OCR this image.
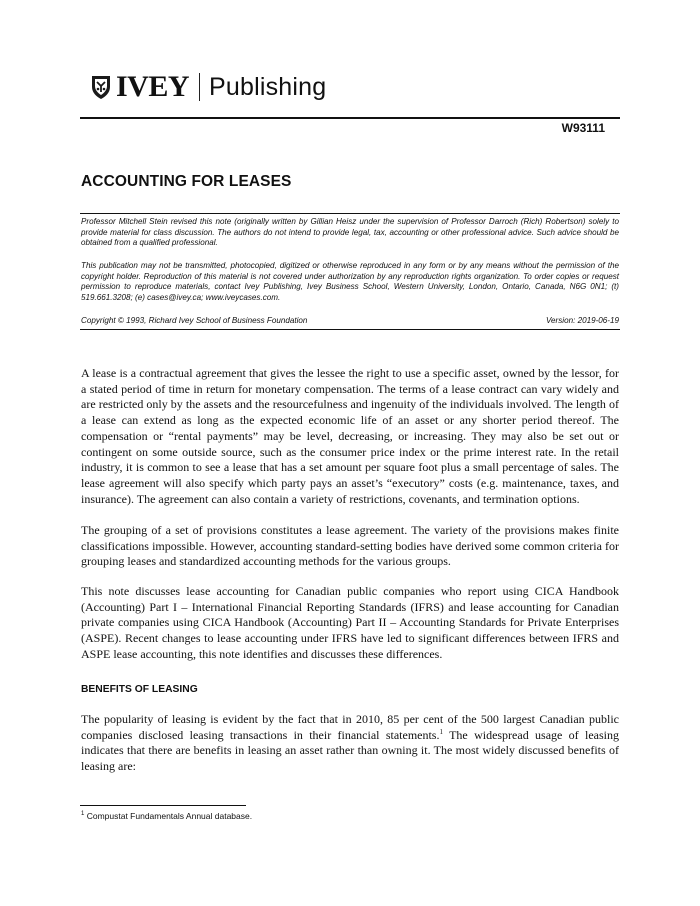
IVEY Publishing
W93111
ACCOUNTING FOR LEASES

Professor Mitchell Stein revised this note (originally written by Gillian Heisz under the supervision of Professor Darroch (Rich) Robertson) solely to provide material for class discussion. The authors do not intend to provide legal, tax, accounting or other professional advice. Such advice should be obtained from a qualified professional.

This publication may not be transmitted, photocopied, digitized or otherwise reproduced in any form or by any means without the permission of the copyright holder. Reproduction of this material is not covered under authorization by any reproduction rights organization. To order copies or request permission to reproduce materials, contact Ivey Publishing, Ivey Business School, Western University, London, Ontario, Canada, N6G 0N1; (t) 519.661.3208; (e) cases@ivey.ca; www.iveycases.com.

Copyright © 1993, Richard Ivey School of Business Foundation	Version: 2019-06-19

A lease is a contractual agreement that gives the lessee the right to use a specific asset, owned by the lessor, for a stated period of time in return for monetary compensation. The terms of a lease contract can vary widely and are restricted only by the assets and the resourcefulness and ingenuity of the individuals involved. The length of a lease can extend as long as the expected economic life of an asset or any shorter period thereof. The compensation or “rental payments” may be level, decreasing, or increasing. They may also be set out or contingent on some outside source, such as the consumer price index or the prime interest rate. In the retail industry, it is common to see a lease that has a set amount per square foot plus a small percentage of sales. The lease agreement will also specify which party pays an asset’s “executory” costs (e.g. maintenance, taxes, and insurance). The agreement can also contain a variety of restrictions, covenants, and termination options.

The grouping of a set of provisions constitutes a lease agreement. The variety of the provisions makes finite classifications impossible. However, accounting standard-setting bodies have derived some common criteria for grouping leases and standardized accounting methods for the various groups.

This note discusses lease accounting for Canadian public companies who report using CICA Handbook (Accounting) Part I – International Financial Reporting Standards (IFRS) and lease accounting for Canadian private companies using CICA Handbook (Accounting) Part II – Accounting Standards for Private Enterprises (ASPE). Recent changes to lease accounting under IFRS have led to significant differences between IFRS and ASPE lease accounting, this note identifies and discusses these differences.

BENEFITS OF LEASING

The popularity of leasing is evident by the fact that in 2010, 85 per cent of the 500 largest Canadian public companies disclosed leasing transactions in their financial statements.$^1$ The widespread usage of leasing indicates that there are benefits in leasing an asset rather than owning it. The most widely discussed benefits of leasing are:

$^1$ Compustat Fundamentals Annual database.
